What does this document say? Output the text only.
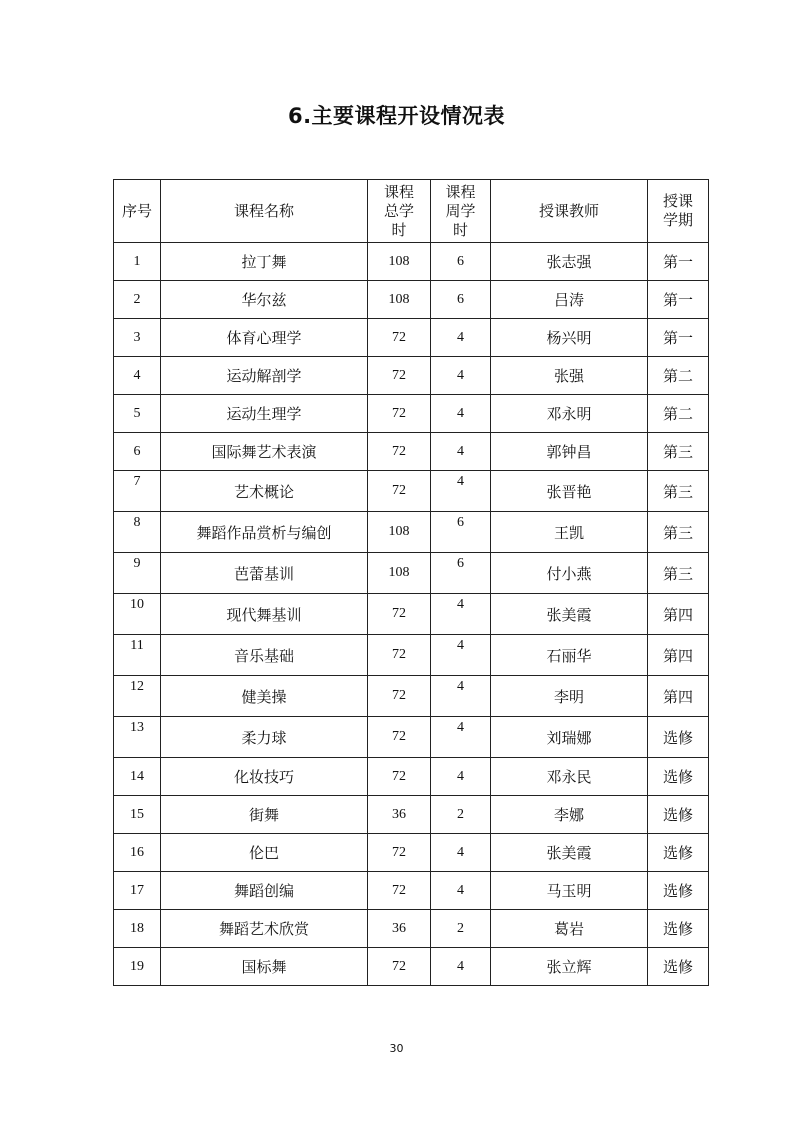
6.主要课程开设情况表
序号	课程名称	课程
总学
时	课程
周学
时	授课教师	授课
学期

1	拉丁舞	108	6	张志强	第一
2	华尔兹	108	6	吕涛	第一
3	体育心理学	72	4	杨兴明	第一
4	运动解剖学	72	4	张强	第二
5	运动生理学	72	4	邓永明	第二
6	国际舞艺术表演	72	4	郭钟昌	第三
7	艺术概论	72	4	张晋艳	第三
8	舞蹈作品赏析与编创	108	6	王凯	第三
9	芭蕾基训	108	6	付小燕	第三
10	现代舞基训	72	4	张美霞	第四
11	音乐基础	72	4	石丽华	第四
12	健美操	72	4	李明	第四
13	柔力球	72	4	刘瑞娜	选修
14	化妆技巧	72	4	邓永民	选修
15	街舞	36	2	李娜	选修
16	伦巴	72	4	张美霞	选修
17	舞蹈创编	72	4	马玉明	选修
18	舞蹈艺术欣赏	36	2	葛岩	选修
19	国标舞	72	4	张立辉	选修
30
